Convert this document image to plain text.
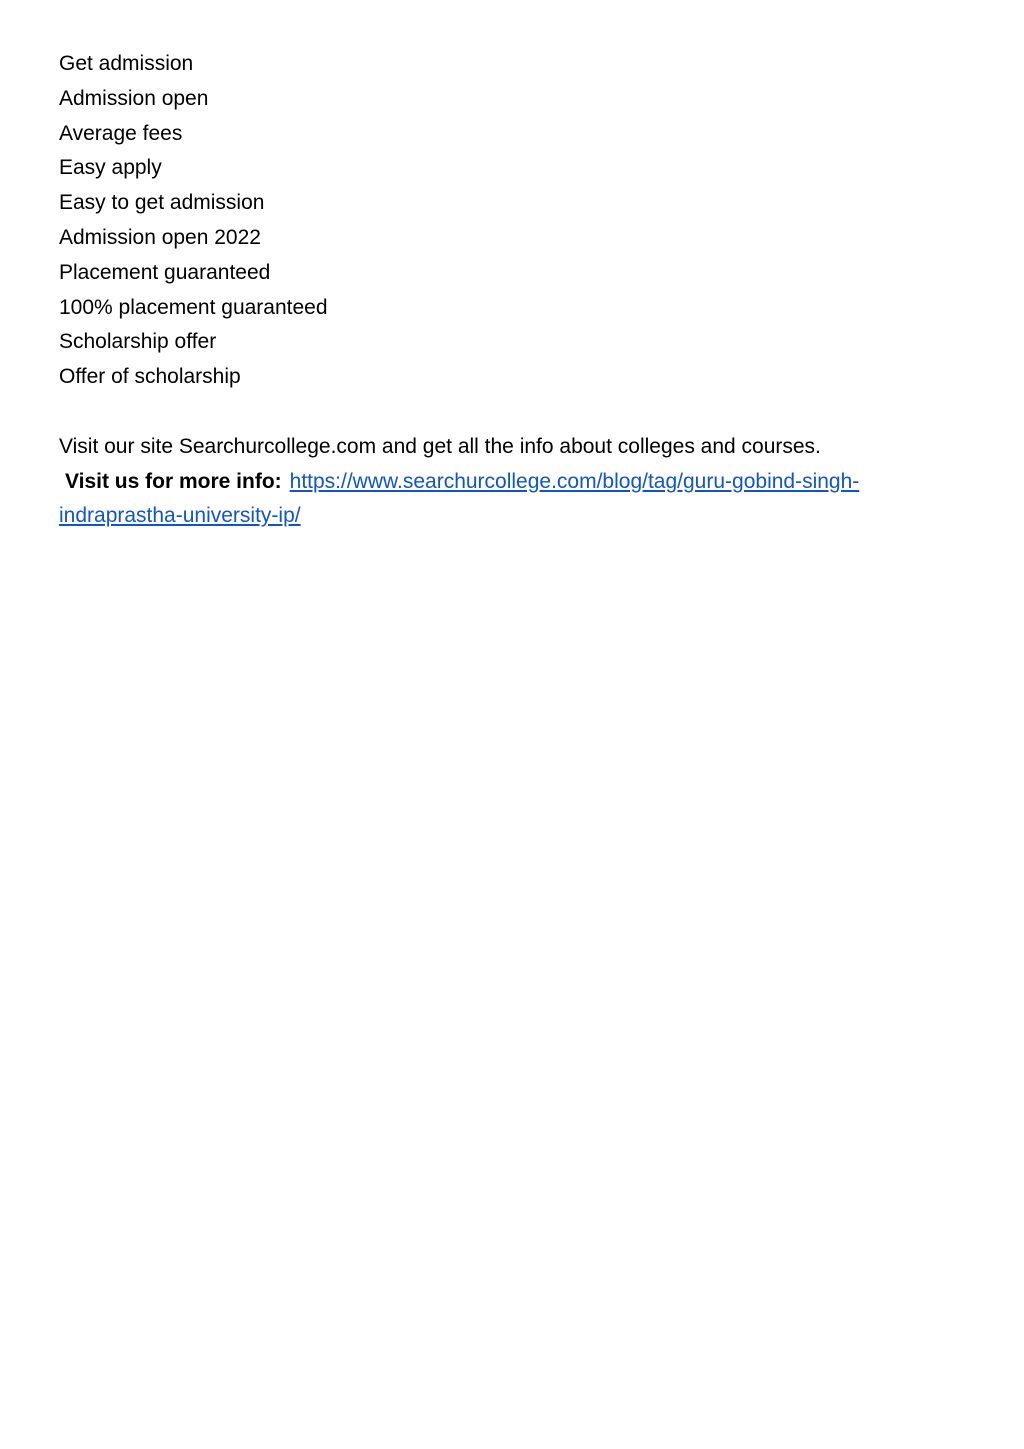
Get admission
Admission open
Average fees
Easy apply
Easy to get admission
Admission open 2022
Placement guaranteed
100% placement guaranteed
Scholarship offer
Offer of scholarship
Visit our site Searchurcollege.com and get all the info about colleges and courses.
Visit us for more info: https://www.searchurcollege.com/blog/tag/guru-gobind-singh-indraprastha-university-ip/
